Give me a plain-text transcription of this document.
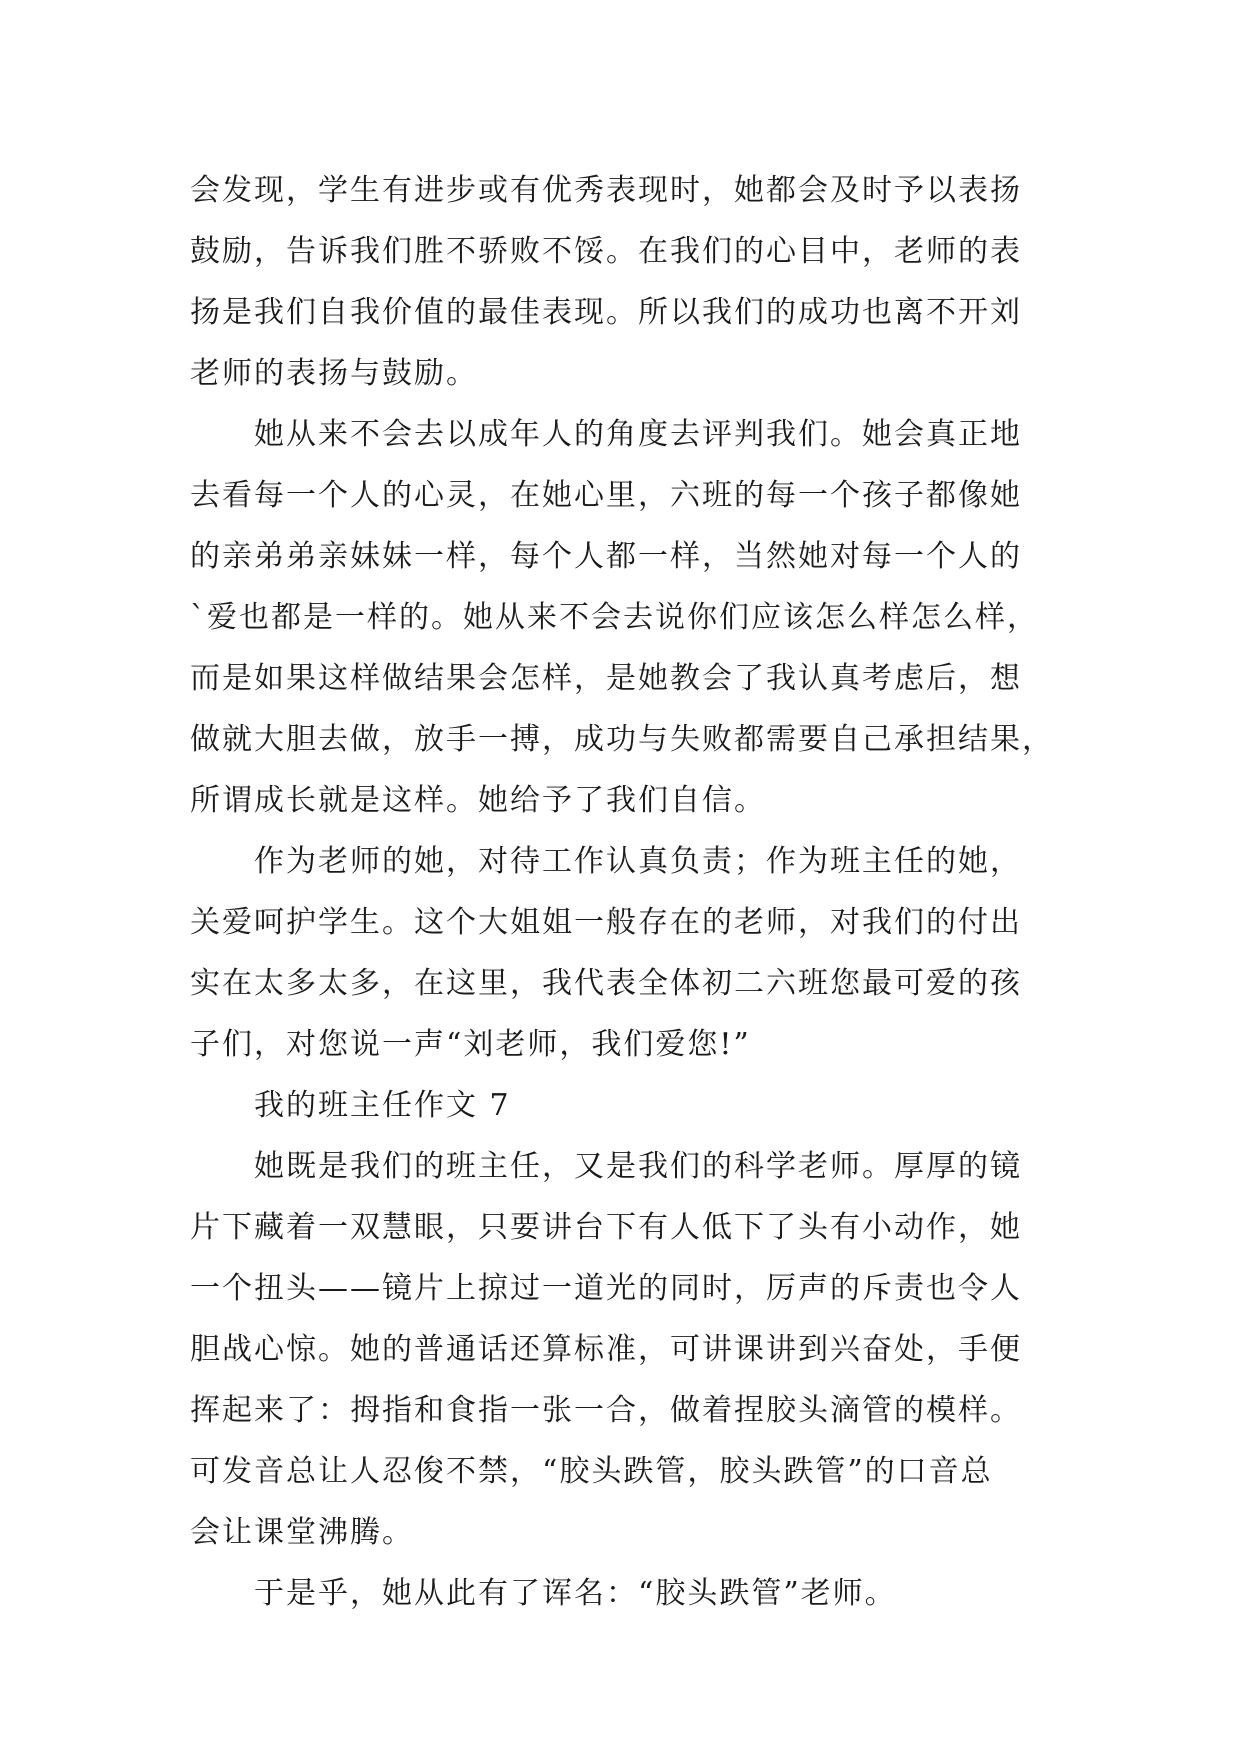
会发现，学生有进步或有优秀表现时，她都会及时予以表扬
鼓励，告诉我们胜不骄败不馁。在我们的心目中，老师的表
扬是我们自我价值的最佳表现。所以我们的成功也离不开刘
老师的表扬与鼓励。
她从来不会去以成年人的角度去评判我们。她会真正地
去看每一个人的心灵，在她心里，六班的每一个孩子都像她
的亲弟弟亲妹妹一样，每个人都一样，当然她对每一个人的
`爱也都是一样的。她从来不会去说你们应该怎么样怎么样，
而是如果这样做结果会怎样，是她教会了我认真考虑后，想
做就大胆去做，放手一搏，成功与失败都需要自己承担结果，
所谓成长就是这样。她给予了我们自信。
作为老师的她，对待工作认真负责；作为班主任的她，
关爱呵护学生。这个大姐姐一般存在的老师，对我们的付出
实在太多太多，在这里，我代表全体初二六班您最可爱的孩
子们，对您说一声“刘老师，我们爱您!”
我的班主任作文 7
她既是我们的班主任，又是我们的科学老师。厚厚的镜
片下藏着一双慧眼，只要讲台下有人低下了头有小动作，她
一个扭头——镜片上掠过一道光的同时，厉声的斥责也令人
胆战心惊。她的普通话还算标准，可讲课讲到兴奋处，手便
挥起来了：拇指和食指一张一合，做着捏胶头滴管的模样。
可发音总让人忍俊不禁，“胶头跌管，胶头跌管”的口音总
会让课堂沸腾。
于是乎，她从此有了诨名：“胶头跌管”老师。
